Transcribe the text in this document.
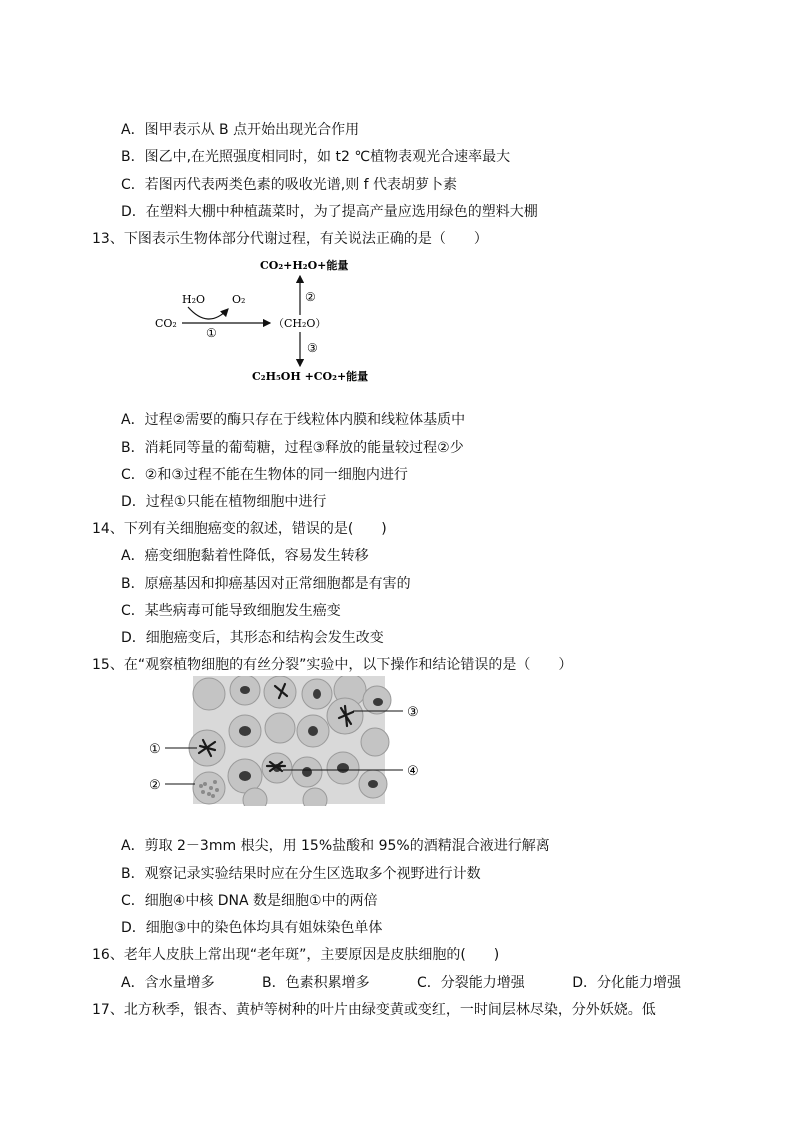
A．图甲表示从 B 点开始出现光合作用
B．图乙中,在光照强度相同时，如 t2 ℃植物表观光合速率最大
C．若图丙代表两类色素的吸收光谱,则 f 代表胡萝卜素
D．在塑料大棚中种植蔬菜时，为了提高产量应选用绿色的塑料大棚
13、下图表示生物体部分代谢过程，有关说法正确的是（　　）
CO₂+H₂O+能量
②
H₂O O₂
CO₂
①
（CH₂O）
③
C₂H₅OH +CO₂+能量
A．过程②需要的酶只存在于线粒体内膜和线粒体基质中
B．消耗同等量的葡萄糖，过程③释放的能量较过程②少
C．②和③过程不能在生物体的同一细胞内进行
D．过程①只能在植物细胞中进行
14、下列有关细胞癌变的叙述，错误的是(　　)
A．癌变细胞黏着性降低，容易发生转移
B．原癌基因和抑癌基因对正常细胞都是有害的
C．某些病毒可能导致细胞发生癌变
D．细胞癌变后，其形态和结构会发生改变
15、在“观察植物细胞的有丝分裂”实验中，以下操作和结论错误的是（　　）
①
②
③
④
A．剪取 2－3mm 根尖，用 15%盐酸和 95%的酒精混合液进行解离
B．观察记录实验结果时应在分生区选取多个视野进行计数
C．细胞④中核 DNA 数是细胞①中的两倍
D．细胞③中的染色体均具有姐妹染色单体
16、老年人皮肤上常出现“老年斑”，主要原因是皮肤细胞的(　　)
A．含水量增多	B．色素积累增多	C．分裂能力增强	D．分化能力增强
17、北方秋季，银杏、黄栌等树种的叶片由绿变黄或变红，一时间层林尽染，分外妖娆。低
